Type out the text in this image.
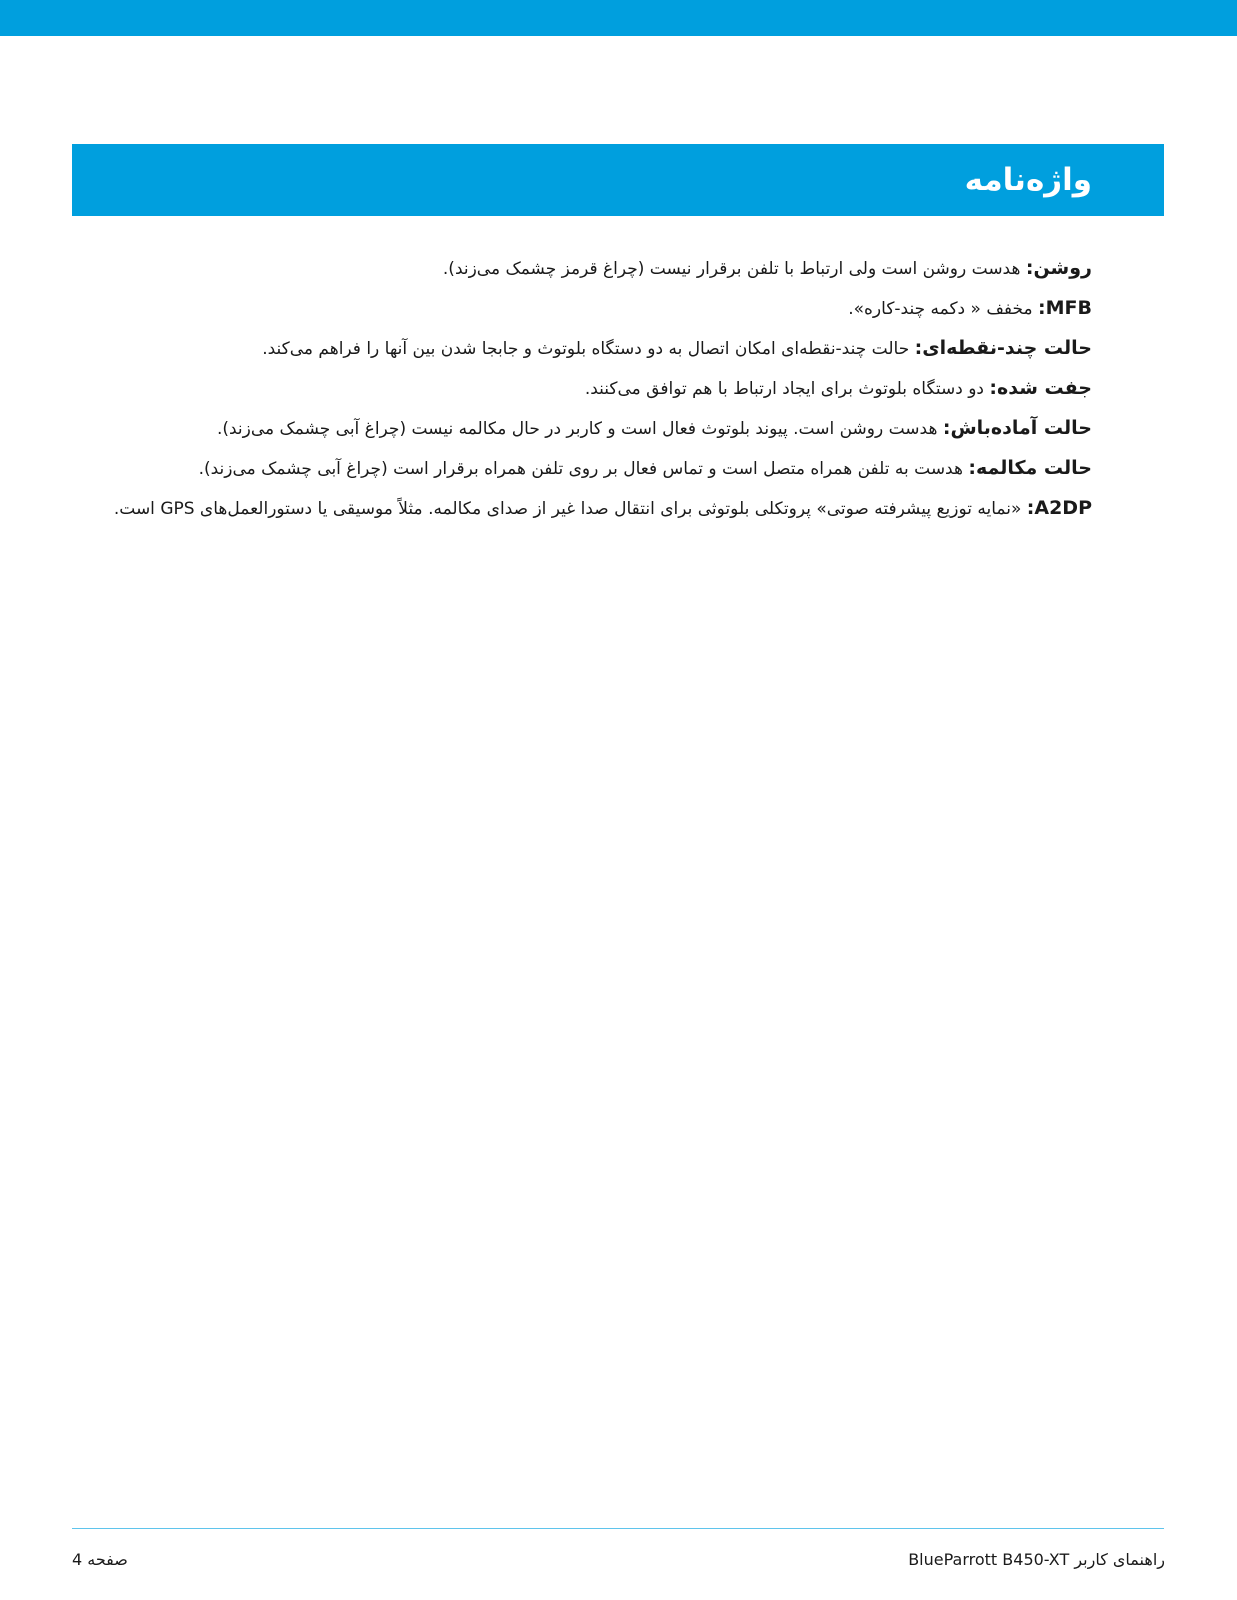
واژه‌نامه
روشن: هدست روشن است ولی ارتباط با تلفن برقرار نیست (چراغ قرمز چشمک می‌زند).
MFB: مخفف « دکمه چند-کاره».
حالت چند-نقطه‌ای: حالت چند-نقطه‌ای امکان اتصال به دو دستگاه بلوتوث و جابجا شدن بین آنها را فراهم می‌کند.
جفت شده: دو دستگاه بلوتوث برای ایجاد ارتباط با هم توافق می‌کنند.
حالت آماده‌باش: هدست روشن است. پیوند بلوتوث فعال است و کاربر در حال مکالمه نیست (چراغ آبی چشمک می‌زند).
حالت مکالمه: هدست به تلفن همراه متصل است و تماس فعال بر روی تلفن همراه برقرار است (چراغ آبی چشمک می‌زند).
A2DP: «نمایه توزیع پیشرفته صوتی» پروتکلی بلوتوثی برای انتقال صدا غیر از صدای مکالمه. مثلاً موسیقی یا دستورالعمل‌های GPS است.
صفحه 4	راهنمای کاربر BlueParrott B450-XT
